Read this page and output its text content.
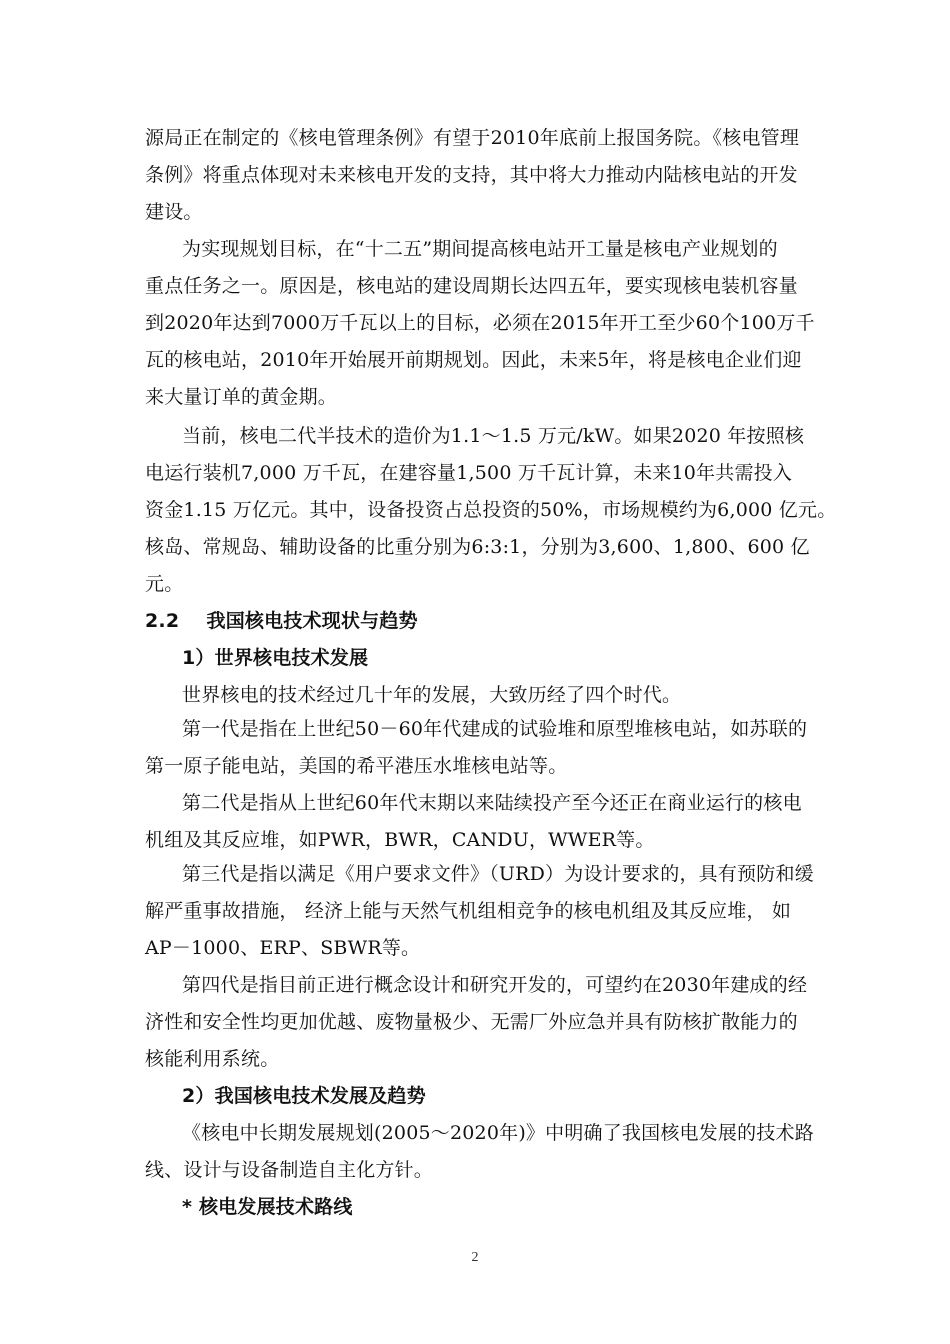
源局正在制定的《核电管理条例》有望于2010年底前上报国务院。《核电管理
条例》将重点体现对未来核电开发的支持，其中将大力推动内陆核电站的开发
建设。
为实现规划目标，在“十二五”期间提高核电站开工量是核电产业规划的
重点任务之一。原因是，核电站的建设周期长达四五年，要实现核电装机容量
到2020年达到7000万千瓦以上的目标，必须在2015年开工至少60个100万千
瓦的核电站，2010年开始展开前期规划。因此，未来5年，将是核电企业们迎
来大量订单的黄金期。
当前，核电二代半技术的造价为1.1～1.5 万元/kW。如果2020 年按照核
电运行装机7,000 万千瓦，在建容量1,500 万千瓦计算，未来10年共需投入
资金1.15 万亿元。其中，设备投资占总投资的50%，市场规模约为6,000 亿元。
核岛、常规岛、辅助设备的比重分别为6:3:1，分别为3,600、1,800、600 亿
元。
2.2    我国核电技术现状与趋势
1）世界核电技术发展
世界核电的技术经过几十年的发展，大致历经了四个时代。
第一代是指在上世纪50－60年代建成的试验堆和原型堆核电站，如苏联的
第一原子能电站，美国的希平港压水堆核电站等。
第二代是指从上世纪60年代末期以来陆续投产至今还正在商业运行的核电
机组及其反应堆，如PWR，BWR，CANDU，WWER等。
第三代是指以满足《用户要求文件》（URD）为设计要求的，具有预防和缓
解严重事故措施， 经济上能与天然气机组相竞争的核电机组及其反应堆， 如
AP－1000、ERP、SBWR等。
第四代是指目前正进行概念设计和研究开发的，可望约在2030年建成的经
济性和安全性均更加优越、废物量极少、无需厂外应急并具有防核扩散能力的
核能利用系统。
2）我国核电技术发展及趋势
《核电中长期发展规划(2005～2020年)》中明确了我国核电发展的技术路
线、设计与设备制造自主化方针。
* 核电发展技术路线
2
